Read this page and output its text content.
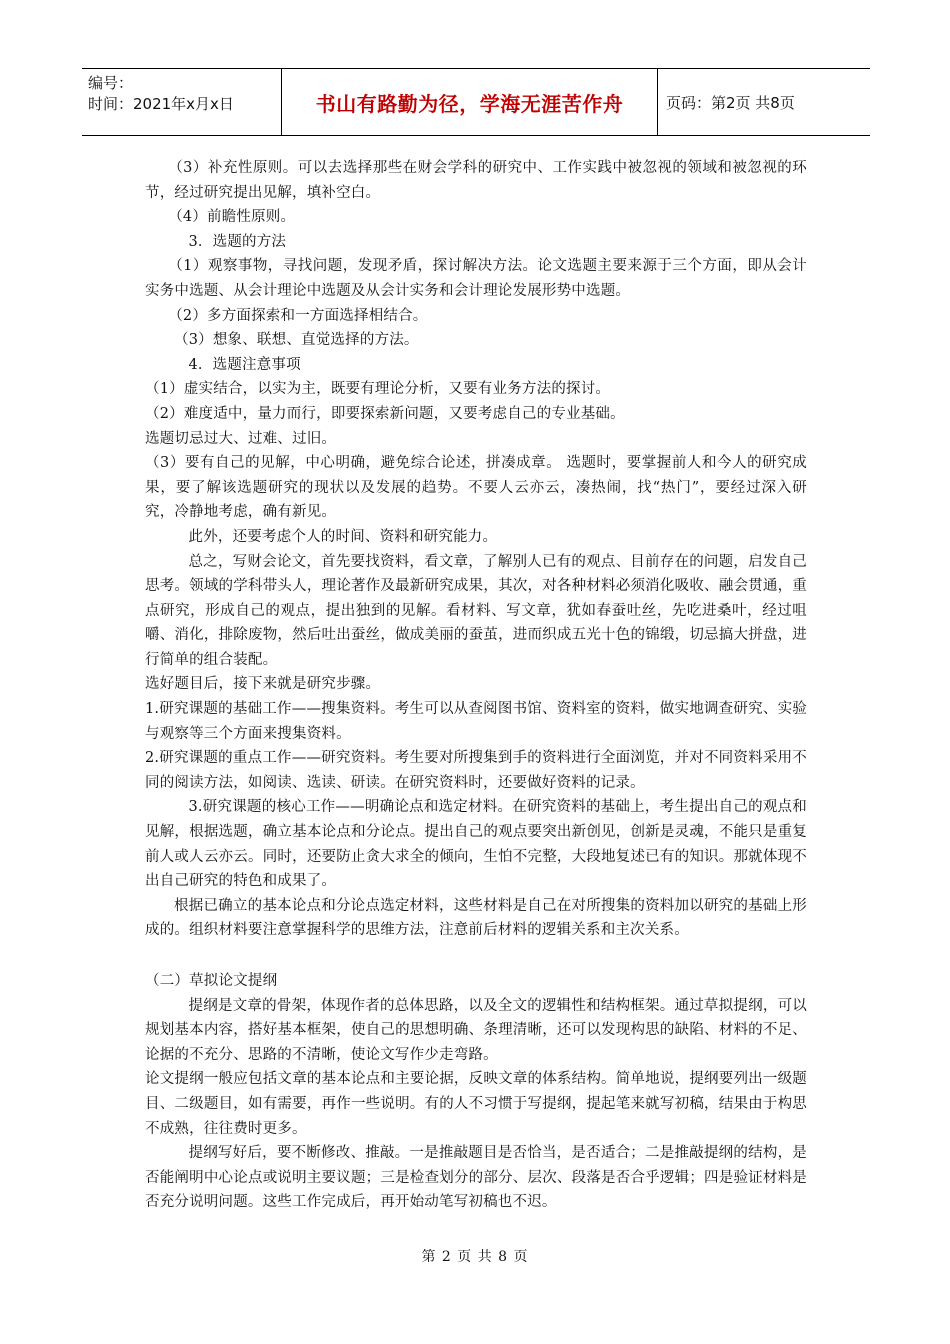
编号：
时间：2021年x月x日	书山有路勤为径，学海无涯苦作舟	页码：第2页 共8页

（3）补充性原则。可以去选择那些在财会学科的研究中、工作实践中被忽视的领域和被忽视的环节，经过研究提出见解，填补空白。

（4）前瞻性原则。

3．选题的方法

（1）观察事物，寻找问题，发现矛盾，探讨解决方法。论文选题主要来源于三个方面，即从会计实务中选题、从会计理论中选题及从会计实务和会计理论发展形势中选题。

（2）多方面探索和一方面选择相结合。

（3）想象、联想、直觉选择的方法。

4．选题注意事项

（1）虚实结合，以实为主，既要有理论分析，又要有业务方法的探讨。

（2）难度适中，量力而行，即要探索新问题，又要考虑自己的专业基础。

选题切忌过大、过难、过旧。

（3）要有自己的见解，中心明确，避免综合论述，拼凑成章。 选题时，要掌握前人和今人的研究成果，要了解该选题研究的现状以及发展的趋势。不要人云亦云，凑热闹，找“热门”，要经过深入研究，冷静地考虑，确有新见。

此外，还要考虑个人的时间、资料和研究能力。

总之，写财会论文，首先要找资料，看文章，了解别人已有的观点、目前存在的问题，启发自己思考。领域的学科带头人，理论著作及最新研究成果，其次，对各种材料必须消化吸收、融会贯通，重点研究，形成自己的观点，提出独到的见解。看材料、写文章，犹如春蚕吐丝，先吃进桑叶，经过咀嚼、消化，排除废物，然后吐出蚕丝，做成美丽的蚕茧，进而织成五光十色的锦缎，切忌搞大拼盘，进行简单的组合装配。

选好题目后，接下来就是研究步骤。

1.研究课题的基础工作——搜集资料。考生可以从查阅图书馆、资料室的资料，做实地调查研究、实验与观察等三个方面来搜集资料。

2.研究课题的重点工作——研究资料。考生要对所搜集到手的资料进行全面浏览，并对不同资料采用不同的阅读方法，如阅读、选读、研读。在研究资料时，还要做好资料的记录。

3.研究课题的核心工作——明确论点和选定材料。在研究资料的基础上，考生提出自己的观点和见解，根据选题，确立基本论点和分论点。提出自己的观点要突出新创见，创新是灵魂，不能只是重复前人或人云亦云。同时，还要防止贪大求全的倾向，生怕不完整，大段地复述已有的知识。那就体现不出自己研究的特色和成果了。

根据已确立的基本论点和分论点选定材料，这些材料是自己在对所搜集的资料加以研究的基础上形成的。组织材料要注意掌握科学的思维方法，注意前后材料的逻辑关系和主次关系。

（二）草拟论文提纲

提纲是文章的骨架，体现作者的总体思路，以及全文的逻辑性和结构框架。通过草拟提纲，可以规划基本内容，搭好基本框架，使自己的思想明确、条理清晰，还可以发现构思的缺陷、材料的不足、论据的不充分、思路的不清晰，使论文写作少走弯路。

论文提纲一般应包括文章的基本论点和主要论据，反映文章的体系结构。简单地说，提纲要列出一级题目、二级题目，如有需要，再作一些说明。有的人不习惯于写提纲，提起笔来就写初稿，结果由于构思不成熟，往往费时更多。

提纲写好后，要不断修改、推敲。一是推敲题目是否恰当，是否适合；二是推敲提纲的结构，是否能阐明中心论点或说明主要议题；三是检查划分的部分、层次、段落是否合乎逻辑；四是验证材料是否充分说明问题。这些工作完成后，再开始动笔写初稿也不迟。

第 2 页 共 8 页
